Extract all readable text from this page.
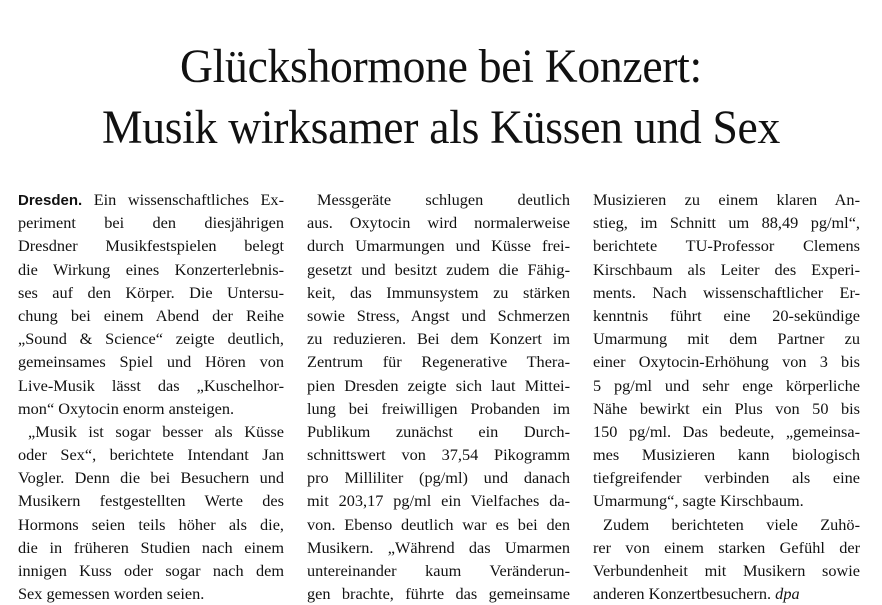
Glückshormone bei Konzert:
Musik wirksamer als Küssen und Sex
Dresden. Ein wissenschaftliches Ex-
periment bei den diesjährigen
Dresdner Musikfestspielen belegt
die Wirkung eines Konzerterlebnis-
ses auf den Körper. Die Untersu-
chung bei einem Abend der Reihe
„Sound & Science“ zeigte deutlich,
gemeinsames Spiel und Hören von
Live-Musik lässt das „Kuschelhor-
mon“ Oxytocin enorm ansteigen.
„Musik ist sogar besser als Küsse
oder Sex“, berichtete Intendant Jan
Vogler. Denn die bei Besuchern und
Musikern festgestellten Werte des
Hormons seien teils höher als die,
die in früheren Studien nach einem
innigen Kuss oder sogar nach dem
Sex gemessen worden seien.
Messgeräte schlugen deutlich
aus. Oxytocin wird normalerweise
durch Umarmungen und Küsse frei-
gesetzt und besitzt zudem die Fähig-
keit, das Immunsystem zu stärken
sowie Stress, Angst und Schmerzen
zu reduzieren. Bei dem Konzert im
Zentrum für Regenerative Thera-
pien Dresden zeigte sich laut Mittei-
lung bei freiwilligen Probanden im
Publikum zunächst ein Durch-
schnittswert von 37,54 Pikogramm
pro Milliliter (pg/ml) und danach
mit 203,17 pg/ml ein Vielfaches da-
von. Ebenso deutlich war es bei den
Musikern. „Während das Umarmen
untereinander kaum Veränderun-
gen brachte, führte das gemeinsame
Musizieren zu einem klaren An-
stieg, im Schnitt um 88,49 pg/ml“,
berichtete TU-Professor Clemens
Kirschbaum als Leiter des Experi-
ments. Nach wissenschaftlicher Er-
kenntnis führt eine 20-sekündige
Umarmung mit dem Partner zu
einer Oxytocin-Erhöhung von 3 bis
5 pg/ml und sehr enge körperliche
Nähe bewirkt ein Plus von 50 bis
150 pg/ml. Das bedeute, „gemeinsa-
mes Musizieren kann biologisch
tiefgreifender verbinden als eine
Umarmung“, sagte Kirschbaum.
Zudem berichteten viele Zuhö-
rer von einem starken Gefühl der
Verbundenheit mit Musikern sowie
anderen Konzertbesuchern. dpa
